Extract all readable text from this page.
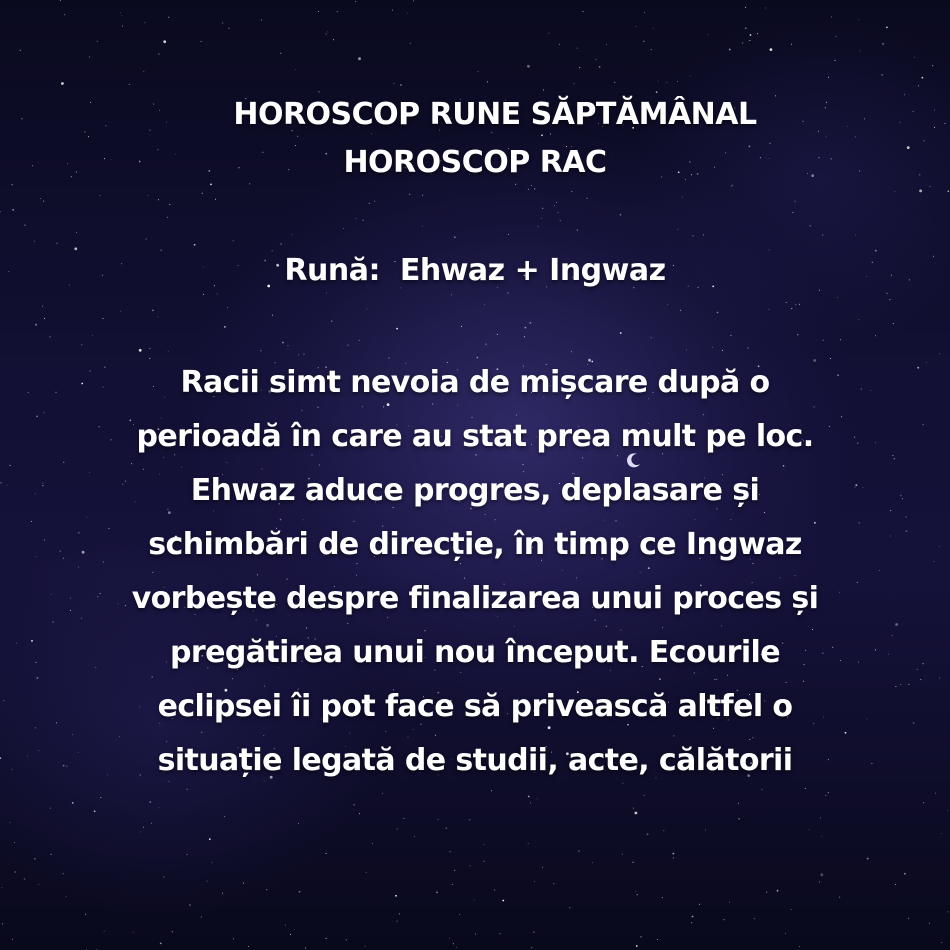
HOROSCOP RUNE SĂPTĂMÂNAL
HOROSCOP RAC
Rună:  Ehwaz + Ingwaz
Racii simt nevoia de mișcare după o
perioadă în care au stat prea mult pe loc.
Ehwaz aduce progres, deplasare și
schimbări de direcție, în timp ce Ingwaz
vorbește despre finalizarea unui proces și
pregătirea unui nou început. Ecourile
eclipsei îi pot face să privească altfel o
situație legată de studii, acte, călătorii
